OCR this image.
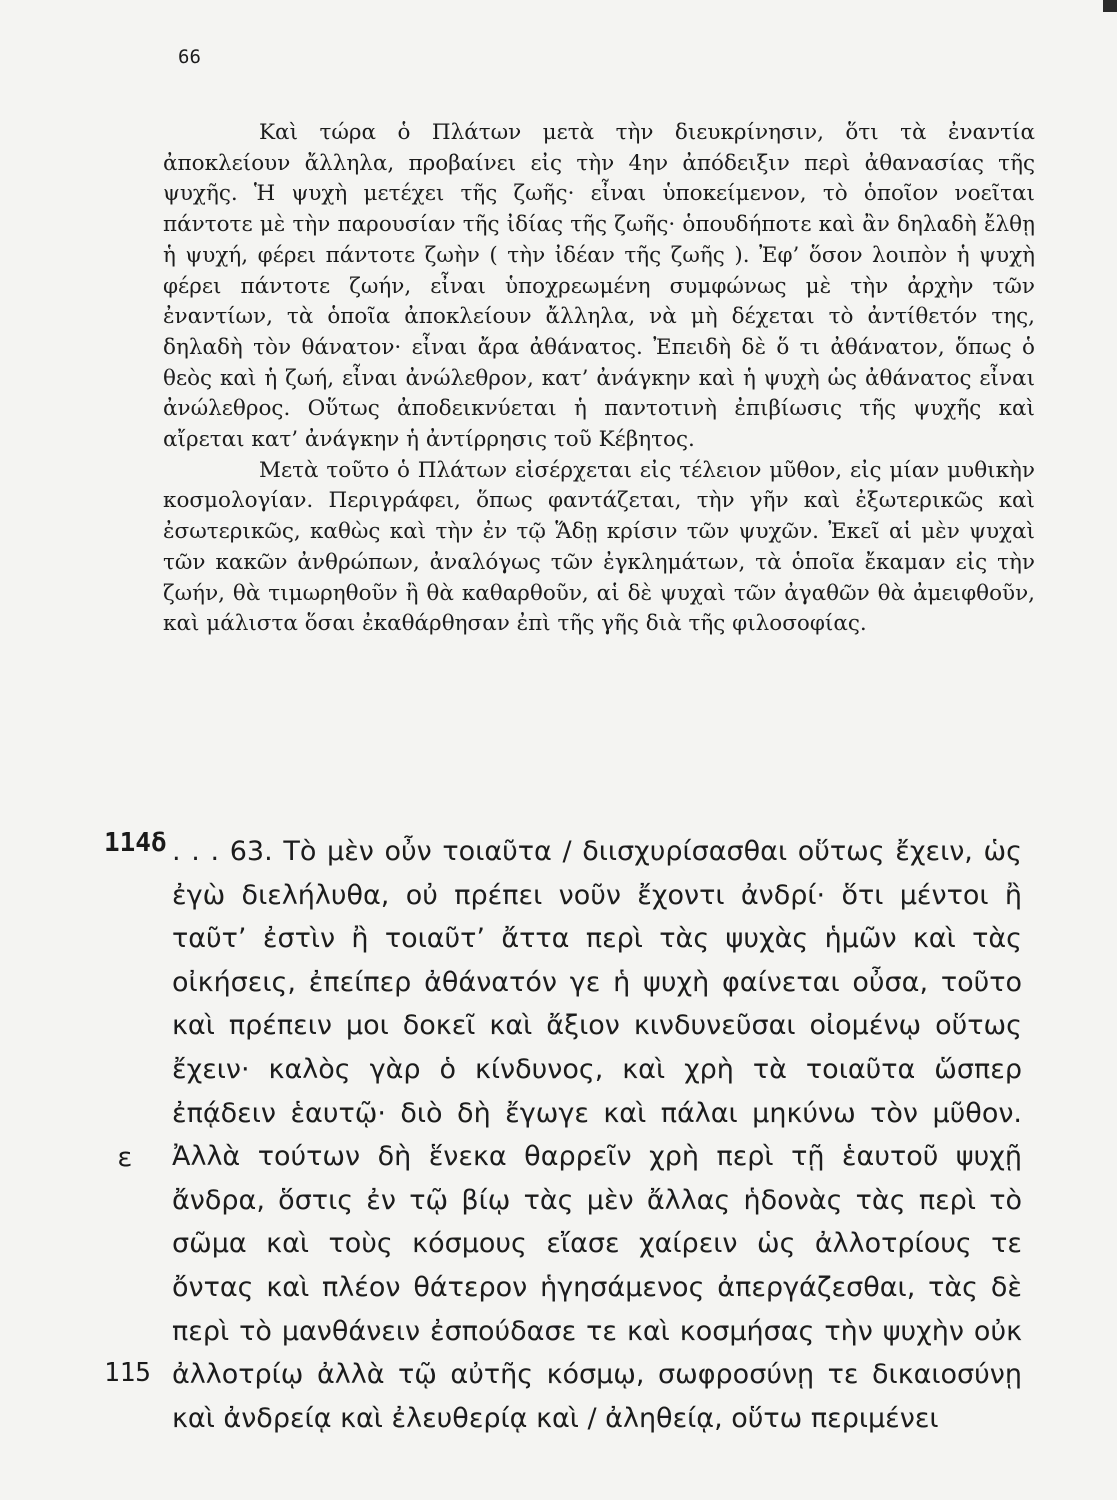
66

Καὶ τώρα ὁ Πλάτων μετὰ τὴν διευκρίνησιν, ὅτι τὰ ἐναντία ἀποκλείουν ἄλληλα, προβαίνει εἰς τὴν 4ην ἀπόδειξιν περὶ ἀθανασίας τῆς ψυχῆς. Ἡ ψυχὴ μετέχει τῆς ζωῆς· εἶναι ὑποκείμενον, τὸ ὁποῖον νοεῖται πάντοτε μὲ τὴν παρουσίαν τῆς ἰδίας τῆς ζωῆς· ὁπουδήποτε καὶ ἂν δηλαδὴ ἔλθῃ ἡ ψυχή, φέρει πάντοτε ζωὴν ( τὴν ἰδέαν τῆς ζωῆς ). Ἐφ’ ὅσον λοιπὸν ἡ ψυχὴ φέρει πάντοτε ζωήν, εἶναι ὑποχρεωμένη συμφώνως μὲ τὴν ἀρχὴν τῶν ἐναντίων, τὰ ὁποῖα ἀποκλείουν ἄλληλα, νὰ μὴ δέχεται τὸ ἀντίθετόν της, δηλαδὴ τὸν θάνατον· εἶναι ἄρα ἀθάνατος. Ἐπειδὴ δὲ ὅ τι ἀθάνατον, ὅπως ὁ θεὸς καὶ ἡ ζωή, εἶναι ἀνώλεθρον, κατ’ ἀνάγκην καὶ ἡ ψυχὴ ὡς ἀθάνατος εἶναι ἀνώλεθρος. Οὕτως ἀποδεικνύεται ἡ παντοτινὴ ἐπιβίωσις τῆς ψυχῆς καὶ αἴρεται κατ’ ἀνάγκην ἡ ἀντίρρησις τοῦ Κέβητος.

Μετὰ τοῦτο ὁ Πλάτων εἰσέρχεται εἰς τέλειον μῦθον, εἰς μίαν μυθικὴν κοσμολογίαν. Περιγράφει, ὅπως φαντάζεται, τὴν γῆν καὶ ἐξωτερικῶς καὶ ἐσωτερικῶς, καθὼς καὶ τὴν ἐν τῷ Ἅδῃ κρίσιν τῶν ψυχῶν. Ἐκεῖ αἱ μὲν ψυχαὶ τῶν κακῶν ἀνθρώπων, ἀναλόγως τῶν ἐγκλημάτων, τὰ ὁποῖα ἔκαμαν εἰς τὴν ζωήν, θὰ τιμωρηθοῦν ἢ θὰ καθαρθοῦν, αἱ δὲ ψυχαὶ τῶν ἀγαθῶν θὰ ἀμειφθοῦν, καὶ μάλιστα ὅσαι ἐκαθάρθησαν ἐπὶ τῆς γῆς διὰ τῆς φιλοσοφίας.

114δ
ε
115

. . . 63. Τὸ μὲν οὖν τοιαῦτα / διισχυρίσασθαι οὕτως ἔχειν, ὡς ἐγὼ διελήλυθα, οὐ πρέπει νοῦν ἔχοντι ἀνδρί· ὅτι μέντοι ἢ ταῦτ’ ἐστὶν ἢ τοιαῦτ’ ἄττα περὶ τὰς ψυχὰς ἡμῶν καὶ τὰς οἰκήσεις, ἐπείπερ ἀθάνατόν γε ἡ ψυχὴ φαίνεται οὖσα, τοῦτο καὶ πρέπειν μοι δοκεῖ καὶ ἄξιον κινδυνεῦσαι οἰομένῳ οὕτως ἔχειν· καλὸς γὰρ ὁ κίνδυνος, καὶ χρὴ τὰ τοιαῦτα ὥσπερ ἐπᾴδειν ἑαυτῷ· διὸ δὴ ἔγωγε καὶ πάλαι μηκύνω τὸν μῦθον. Ἀλλὰ τούτων δὴ ἕνεκα θαρρεῖν χρὴ περὶ τῇ ἑαυτοῦ ψυχῇ ἄνδρα, ὅστις ἐν τῷ βίῳ τὰς μὲν ἄλλας ἡδονὰς τὰς περὶ τὸ σῶμα καὶ τοὺς κόσμους εἴασε χαίρειν ὡς ἀλλοτρίους τε ὄντας καὶ πλέον θάτερον ἡγησάμενος ἀπεργάζεσθαι, τὰς δὲ περὶ τὸ μανθάνειν ἐσπούδασε τε καὶ κοσμήσας τὴν ψυχὴν οὐκ ἀλλοτρίῳ ἀλλὰ τῷ αὐτῆς κόσμῳ, σωφροσύνῃ τε δικαιοσύνῃ καὶ ἀνδρείᾳ καὶ ἐλευθερίᾳ καὶ / ἀληθείᾳ, οὕτω περιμένει
